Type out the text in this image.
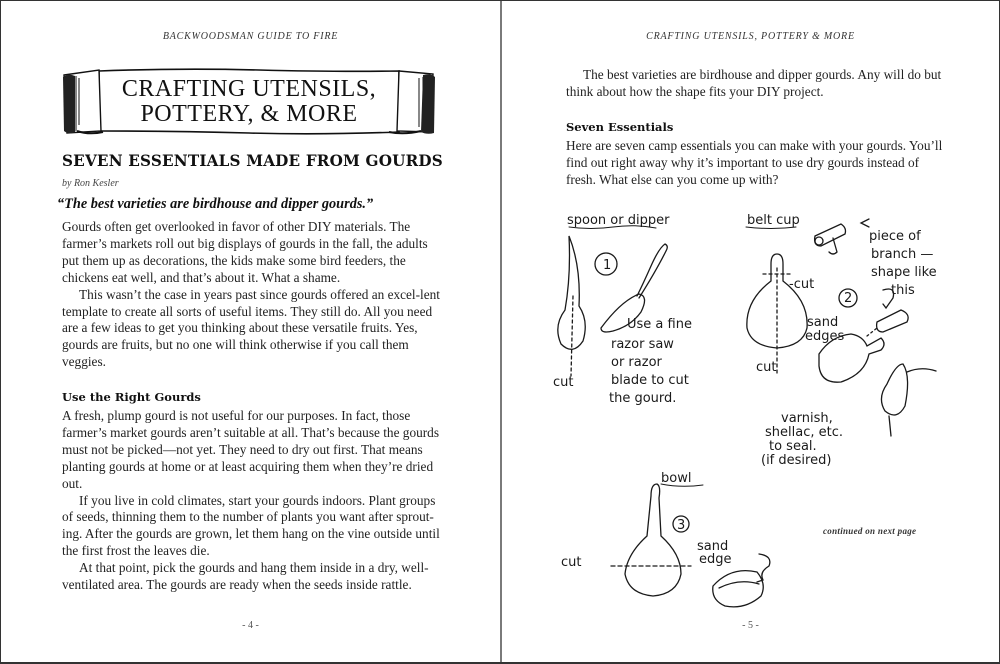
BACKWOODSMAN GUIDE TO FIRE
CRAFTING UTENSILS,
POTTERY, & MORE
SEVEN ESSENTIALS MADE FROM GOURDS
by Ron Kesler
“The best varieties are birdhouse and dipper gourds.”

Gourds often get overlooked in favor of other DIY materials. The farmer’s markets roll out big displays of gourds in the fall, the adults put them up as decorations, the kids make some bird feeders, the chickens eat well, and that’s about it. What a shame.

This wasn’t the case in years past since gourds offered an excel-lent template to create all sorts of useful items. They still do. All you need are a few ideas to get you thinking about these versatile fruits. Yes, gourds are fruits, but no one will think otherwise if you call them veggies.

Use the Right Gourds

A fresh, plump gourd is not useful for our purposes. In fact, those farmer’s market gourds aren’t suitable at all. That’s because the gourds must not be picked—not yet. They need to dry out first. That means planting gourds at home or at least acquiring them when they’re dried out.

If you live in cold climates, start your gourds indoors. Plant groups of seeds, thinning them to the number of plants you want after sprout-ing. After the gourds are grown, let them hang on the vine outside until the first frost the leaves die.

At that point, pick the gourds and hang them inside in a dry, well-ventilated area. The gourds are ready when the seeds inside rattle.

- 4 -
CRAFTING UTENSILS, POTTERY & MORE

The best varieties are birdhouse and dipper gourds. Any will do but think about how the shape fits your DIY project.

Seven Essentials

Here are seven camp essentials you can make with your gourds. You’ll find out right away why it’s important to use dry gourds instead of fresh. What else can you come up with?

spoon or dipper
1
cut
Use a fine
razor saw
or razor
blade to cut
the gourd.
belt cup
2
-cut
cut
piece of
branch —
shape like
this
sand
edges
varnish,
shellac, etc.
to seal.
(if desired)
bowl
3
cut
sand
edge
continued on next page
- 5 -
